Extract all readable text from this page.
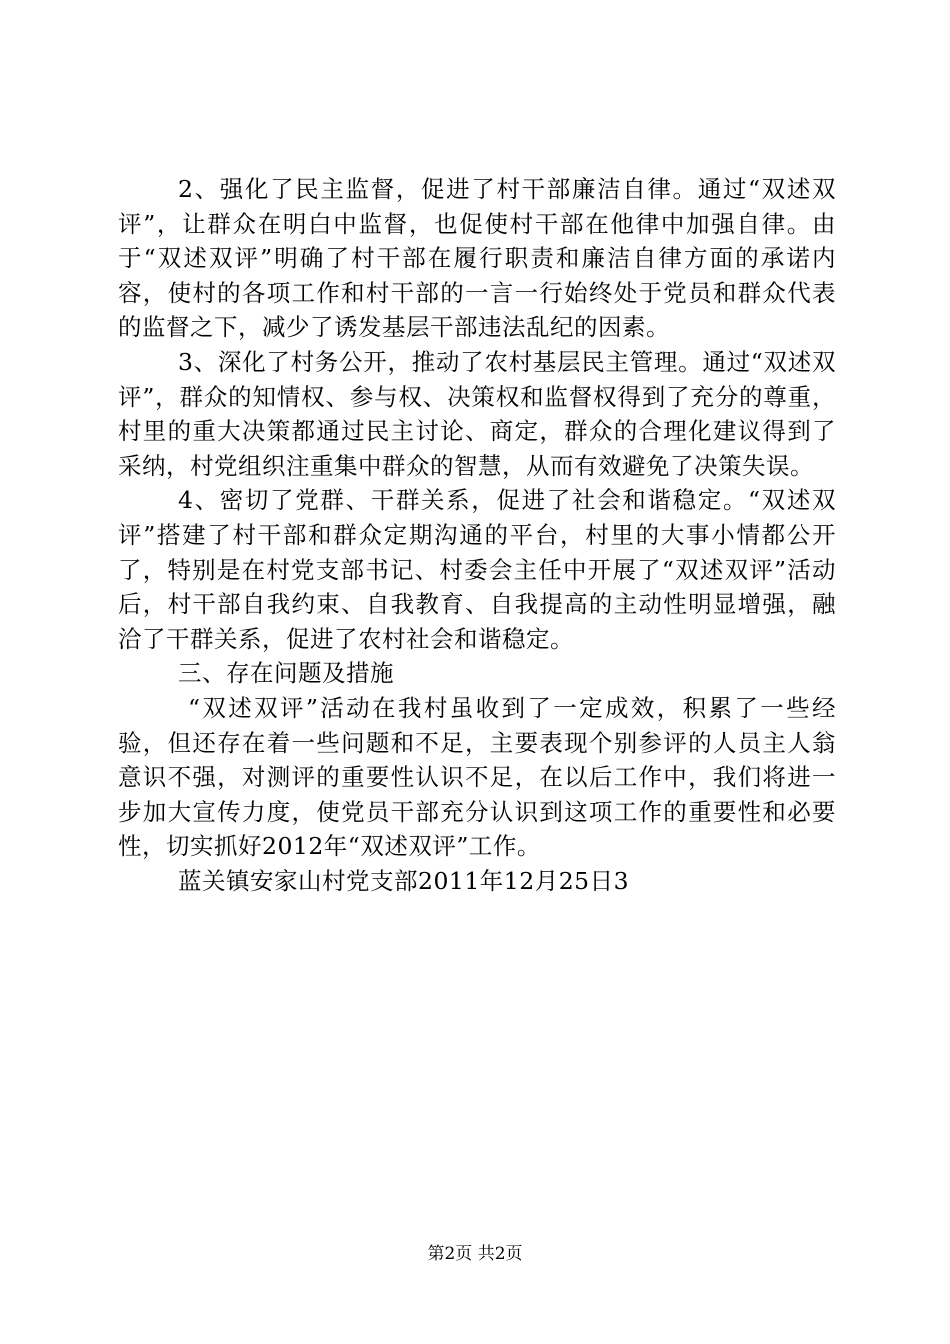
2、强化了民主监督，促进了村干部廉洁自律。通过“双述双评”，让群众在明白中监督，也促使村干部在他律中加强自律。由于“双述双评”明确了村干部在履行职责和廉洁自律方面的承诺内容，使村的各项工作和村干部的一言一行始终处于党员和群众代表的监督之下，减少了诱发基层干部违法乱纪的因素。

3、深化了村务公开，推动了农村基层民主管理。通过“双述双评”，群众的知情权、参与权、决策权和监督权得到了充分的尊重，村里的重大决策都通过民主讨论、商定，群众的合理化建议得到了采纳，村党组织注重集中群众的智慧，从而有效避免了决策失误。

4、密切了党群、干群关系，促进了社会和谐稳定。“双述双评”搭建了村干部和群众定期沟通的平台，村里的大事小情都公开了，特别是在村党支部书记、村委会主任中开展了“双述双评”活动后，村干部自我约束、自我教育、自我提高的主动性明显增强，融洽了干群关系，促进了农村社会和谐稳定。

三、存在问题及措施

“双述双评”活动在我村虽收到了一定成效，积累了一些经验，但还存在着一些问题和不足，主要表现个别参评的人员主人翁意识不强，对测评的重要性认识不足，在以后工作中，我们将进一步加大宣传力度，使党员干部充分认识到这项工作的重要性和必要性，切实抓好2012年“双述双评”工作。

蓝关镇安家山村党支部2011年12月25日3

第2页 共2页
